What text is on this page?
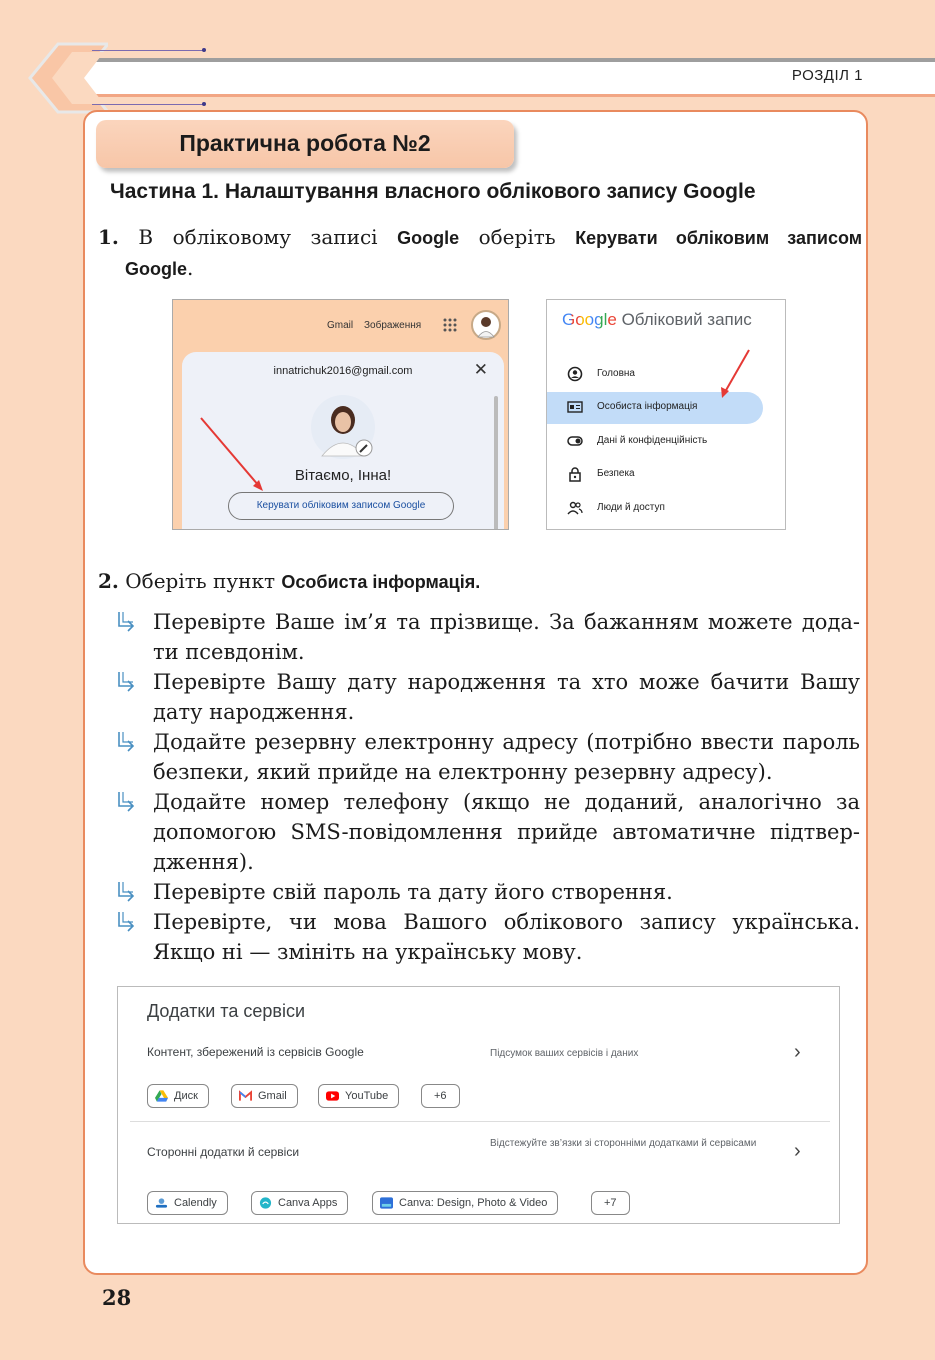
РОЗДІЛ 1
Практична робота №2
Частина 1. Налаштування власного облікового запису Google
1. В обліковому записі Google оберіть Керувати обліковим записом
Google.
Gmail Зображення
innatrichuk2016@gmail.com	✕
Вітаємо, Інна!
Керувати обліковим записом Google
Google Обліковий запис
Головна
Особиста інформація
Дані й конфіденційність
Безпека
Люди й доступ
2. Оберіть пункт Особиста інформація.
Перевірте Ваше ім’я та прізвище. За бажанням можете дода-
ти псевдонім.
Перевірте Вашу дату народження та хто може бачити Вашу
дату народження.
Додайте резервну електронну адресу (потрібно ввести пароль
безпеки, який прийде на електронну резервну адресу).
Додайте номер телефону (якщо не доданий, аналогічно за
допомогою SMS-повідомлення прийде автоматичне підтвер-
дження).
Перевірте свій пароль та дату його створення.
Перевірте, чи мова Вашого облікового запису українська.
Якщо ні — змініть на українську мову.
Додатки та сервіси
Контент, збережений із сервісів Google	Підсумок ваших сервісів і даних	›
Диск	Gmail	YouTube	+6
Сторонні додатки й сервіси
Відстежуйте зв’язки зі сторонніми додатками й сервісами	›
Calendly	Canva Apps	Canva: Design, Photo & Video	+7
28
